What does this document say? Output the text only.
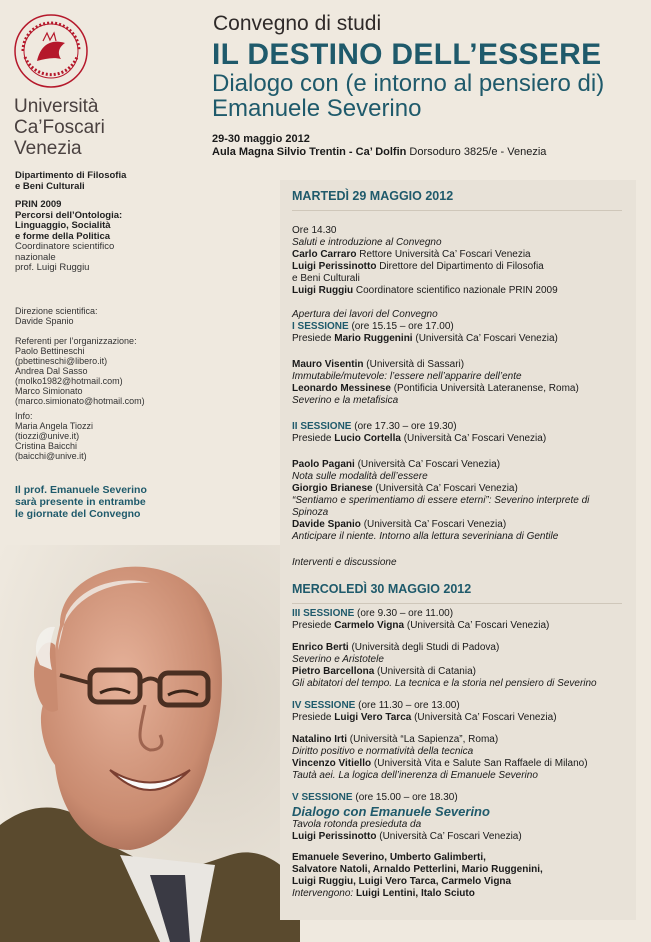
Università
Ca’Foscari
Venezia
Convegno di studi
IL DESTINO DELL’ESSERE
Dialogo con (e intorno al pensiero di)
Emanuele Severino
29-30 maggio 2012
Aula Magna Silvio Trentin - Ca’ Dolfin Dorsoduro 3825/e - Venezia
Dipartimento di Filosofia
e Beni Culturali
PRIN 2009
Percorsi dell’Ontologia:
Linguaggio, Socialità
e forme della Politica
Coordinatore scientifico
nazionale
prof. Luigi Ruggiu
Direzione scientifica:
Davide Spanio
Referenti per l’organizzazione:
Paolo Bettineschi
(pbettineschi@libero.it)
Andrea Dal Sasso
(molko1982@hotmail.com)
Marco Simionato
(marco.simionato@hotmail.com)
Info:
Maria Angela Tiozzi
(tiozzi@unive.it)
Cristina Baicchi
(baicchi@unive.it)
Il prof. Emanuele Severino
sarà presente in entrambe
le giornate del Convegno
MARTEDÌ 29 MAGGIO 2012
Ore 14.30
Saluti e introduzione al Convegno
Carlo Carraro Rettore Università Ca’ Foscari Venezia
Luigi Perissinotto Direttore del Dipartimento di Filosofia
e Beni Culturali
Luigi Ruggiu Coordinatore scientifico nazionale PRIN 2009
Apertura dei lavori del Convegno
I SESSIONE (ore 15.15 – ore 17.00)
Presiede Mario Ruggenini (Università Ca’ Foscari Venezia)
Mauro Visentin (Università di Sassari)
Immutabile/mutevole: l’essere nell’apparire dell’ente
Leonardo Messinese (Pontificia Università Lateranense, Roma)
Severino e la metafisica
II SESSIONE (ore 17.30 – ore 19.30)
Presiede Lucio Cortella (Università Ca’ Foscari Venezia)
Paolo Pagani (Università Ca’ Foscari Venezia)
Nota sulle modalità dell’essere
Giorgio Brianese (Università Ca’ Foscari Venezia)
“Sentiamo e sperimentiamo di essere eterni”: Severino interprete di
Spinoza
Davide Spanio (Università Ca’ Foscari Venezia)
Anticipare il niente. Intorno alla lettura severiniana di Gentile
Interventi e discussione
MERCOLEDÌ 30 MAGGIO 2012
III SESSIONE (ore 9.30 – ore 11.00)
Presiede Carmelo Vigna (Università Ca’ Foscari Venezia)
Enrico Berti (Università degli Studi di Padova)
Severino e Aristotele
Pietro Barcellona (Università di Catania)
Gli abitatori del tempo. La tecnica e la storia nel pensiero di Severino
IV SESSIONE (ore 11.30 – ore 13.00)
Presiede Luigi Vero Tarca (Università Ca’ Foscari Venezia)
Natalino Irti (Università “La Sapienza”, Roma)
Diritto positivo e normatività della tecnica
Vincenzo Vitiello (Università Vita e Salute San Raffaele di Milano)
Tautà aei. La logica dell’inerenza di Emanuele Severino
V SESSIONE (ore 15.00 – ore 18.30)
Dialogo con Emanuele Severino
Tavola rotonda presieduta da
Luigi Perissinotto (Università Ca’ Foscari Venezia)
Emanuele Severino, Umberto Galimberti,
Salvatore Natoli, Arnaldo Petterlini, Mario Ruggenini,
Luigi Ruggiu, Luigi Vero Tarca, Carmelo Vigna
Intervengono: Luigi Lentini, Italo Sciuto
